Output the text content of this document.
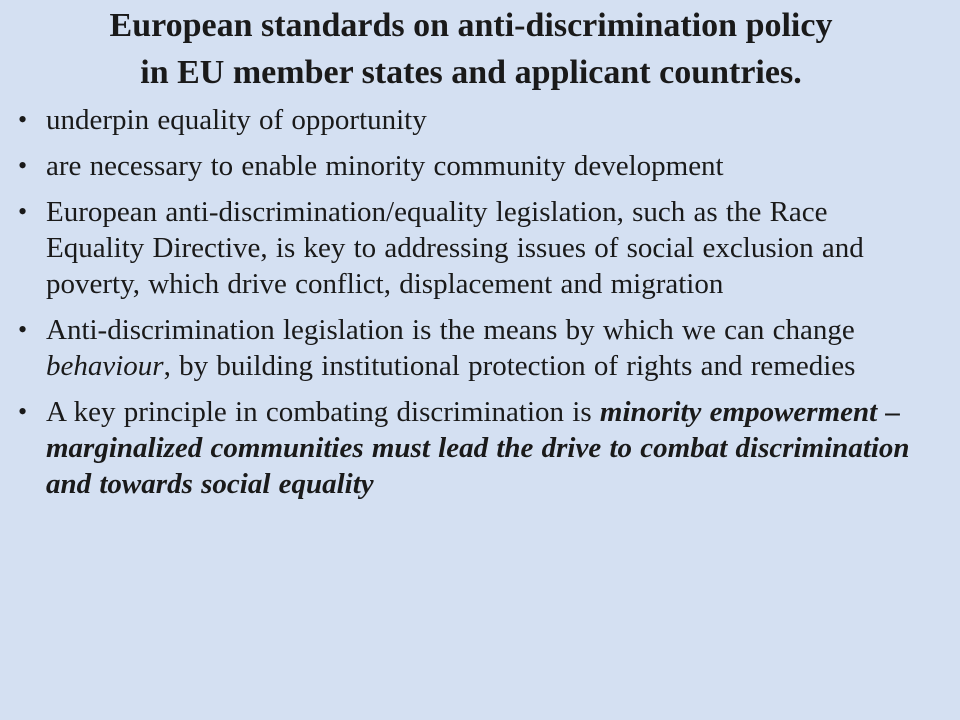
European standards on anti-discrimination policy
in EU member states and applicant countries.
• underpin equality of opportunity
• are necessary to enable minority community development
• European anti-discrimination/equality legislation, such as the Race Equality Directive, is key to addressing issues of social exclusion and poverty, which drive conflict, displacement and migration
• Anti-discrimination legislation is the means by which we can change behaviour, by building institutional protection of rights and remedies
• A key principle in combating discrimination is minority empowerment – marginalized communities must lead the drive to combat discrimination and towards social equality
